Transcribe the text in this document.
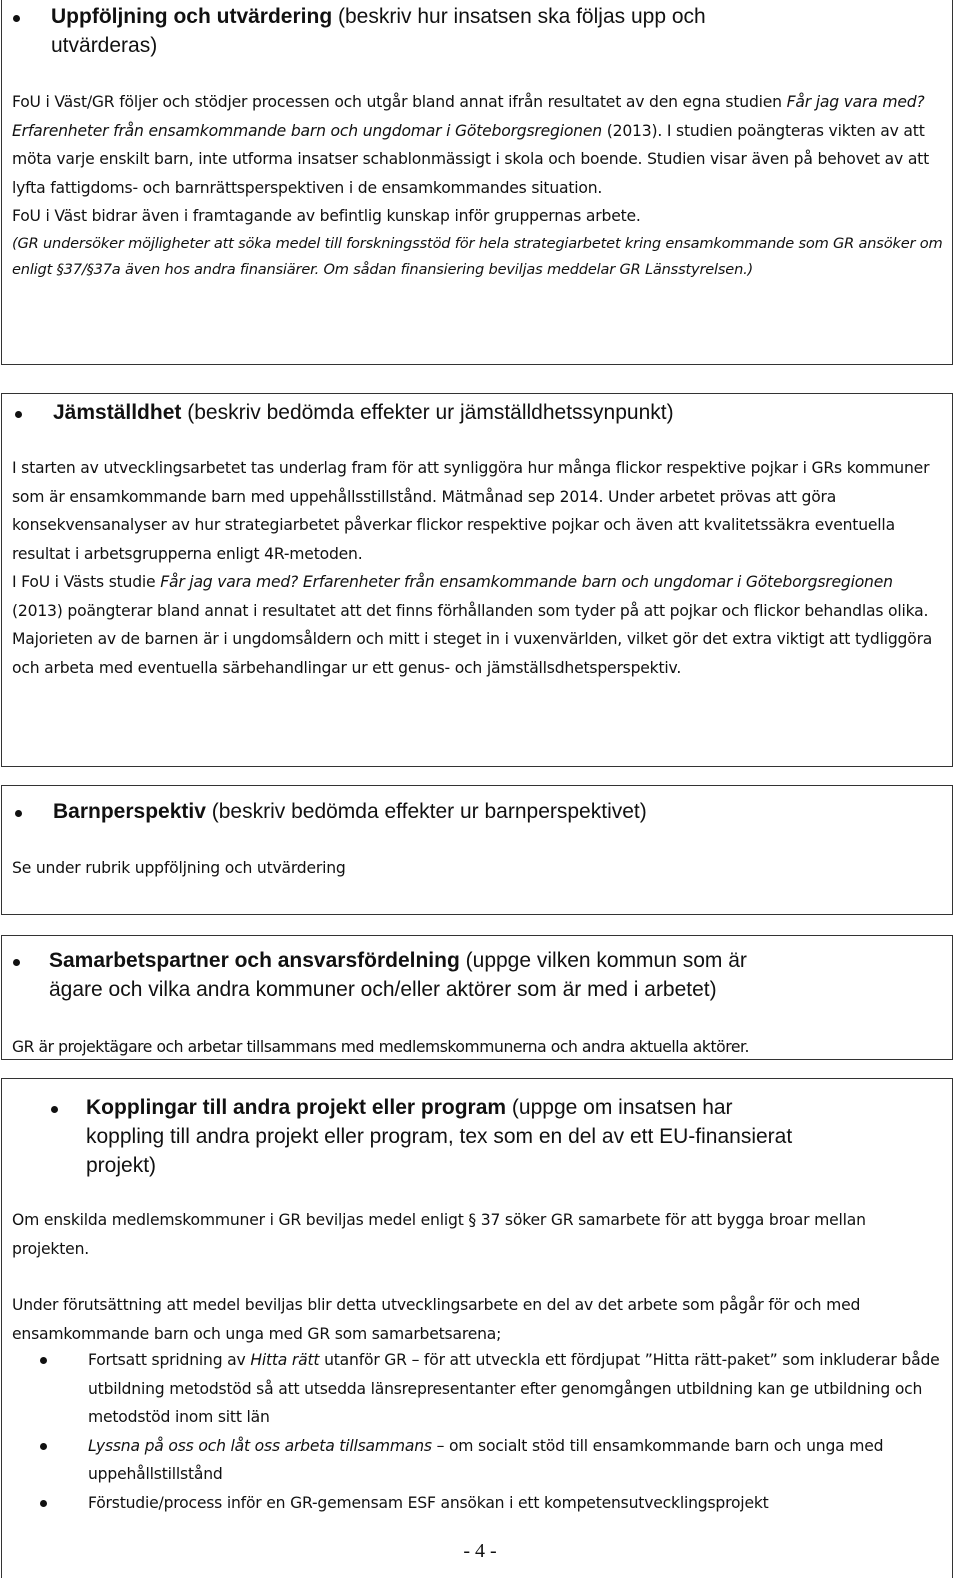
Uppföljning och utvärdering (beskriv hur insatsen ska följas upp och
utvärderas)

FoU i Väst/GR följer och stödjer processen och utgår bland annat ifrån resultatet av den egna studien Får jag vara med? Erfarenheter från ensamkommande barn och ungdomar i Göteborgsregionen (2013). I studien poängteras vikten av att möta varje enskilt barn, inte utforma insatser schablonmässigt i skola och boende. Studien visar även på behovet av att lyfta fattigdoms- och barnrättsperspektiven i de ensamkommandes situation.

FoU i Väst bidrar även i framtagande av befintlig kunskap inför gruppernas arbete.

(GR undersöker möjligheter att söka medel till forskningsstöd för hela strategiarbetet kring ensamkommande som GR ansöker om enligt §37/§37a även hos andra finansiärer. Om sådan finansiering beviljas meddelar GR Länsstyrelsen.)

Jämställdhet (beskriv bedömda effekter ur jämställdhetssynpunkt)

I starten av utvecklingsarbetet tas underlag fram för att synliggöra hur många flickor respektive pojkar i GRs kommuner som är ensamkommande barn med uppehållsstillstånd. Mätmånad sep 2014. Under arbetet prövas att göra konsekvensanalyser av hur strategiarbetet påverkar flickor respektive pojkar och även att kvalitetssäkra eventuella resultat i arbetsgrupperna enligt 4R-metoden.

I FoU i Västs studie Får jag vara med? Erfarenheter från ensamkommande barn och ungdomar i Göteborgsregionen (2013) poängterar bland annat i resultatet att det finns förhållanden som tyder på att pojkar och flickor behandlas olika. Majorieten av de barnen är i ungdomsåldern och mitt i steget in i vuxenvärlden, vilket gör det extra viktigt att tydliggöra och arbeta med eventuella särbehandlingar ur ett genus- och jämställsdhetsperspektiv.

Barnperspektiv (beskriv bedömda effekter ur barnperspektivet)

Se under rubrik uppföljning och utvärdering

Samarbetspartner och ansvarsfördelning (uppge vilken kommun som är
ägare och vilka andra kommuner och/eller aktörer som är med i arbetet)

GR är projektägare och arbetar tillsammans med medlemskommunerna och andra aktuella aktörer.

Kopplingar till andra projekt eller program (uppge om insatsen har
koppling till andra projekt eller program, tex som en del av ett EU-finansierat
projekt)

Om enskilda medlemskommuner i GR beviljas medel enligt § 37 söker GR samarbete för att bygga broar mellan projekten.

Under förutsättning att medel beviljas blir detta utvecklingsarbete en del av det arbete som pågår för och med ensamkommande barn och unga med GR som samarbetsarena;

Fortsatt spridning av Hitta rätt utanför GR – för att utveckla ett fördjupat ”Hitta rätt-paket” som inkluderar både utbildning metodstöd så att utsedda länsrepresentanter efter genomgången utbildning kan ge utbildning och metodstöd inom sitt län
Lyssna på oss och låt oss arbeta tillsammans – om socialt stöd till ensamkommande barn och unga med uppehållstillstånd
Förstudie/process inför en GR-gemensam ESF ansökan i ett kompetensutvecklingsprojekt
- 4 -
